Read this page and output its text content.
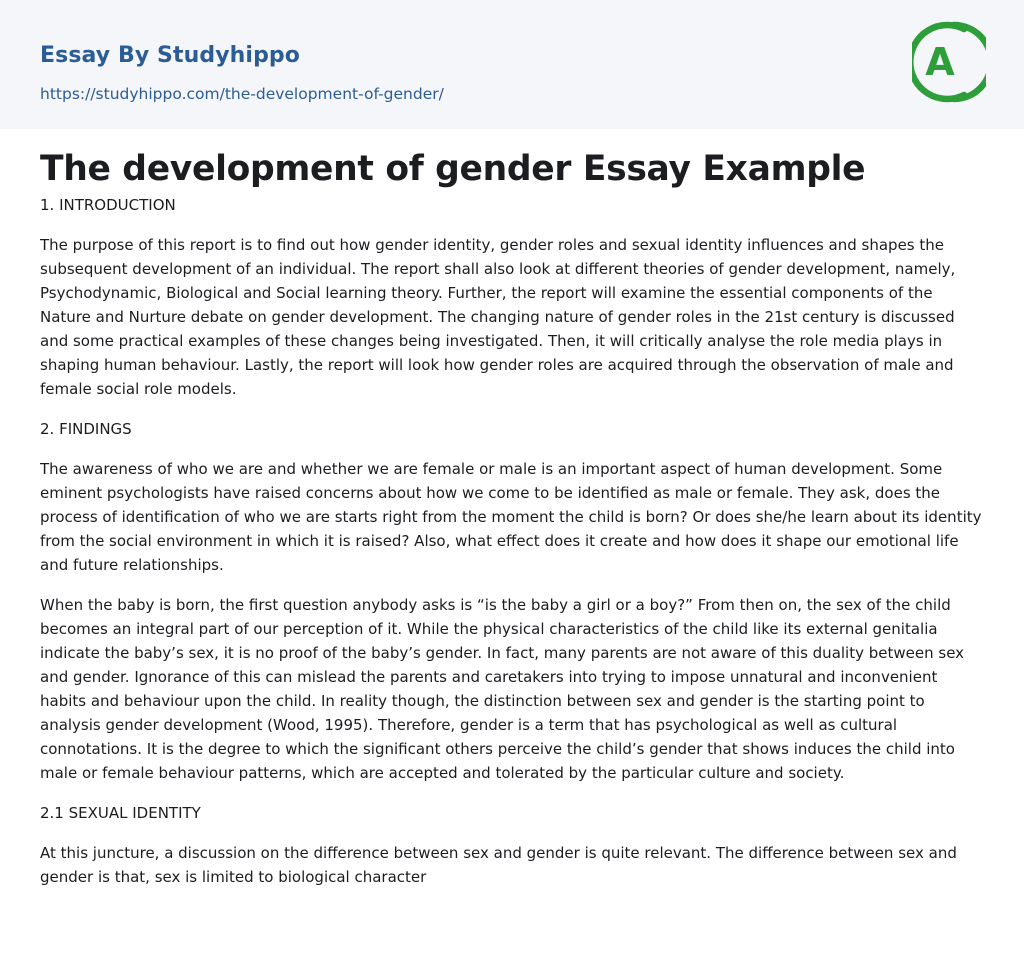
Essay By Studyhippo
https://studyhippo.com/the-development-of-gender/
A
The development of gender Essay Example

1. INTRODUCTION

The purpose of this report is to find out how gender identity, gender roles and sexual identity influences and shapes the subsequent development of an individual. The report shall also look at different theories of gender development, namely, Psychodynamic, Biological and Social learning theory. Further, the report will examine the essential components of the Nature and Nurture debate on gender development. The changing nature of gender roles in the 21st century is discussed and some practical examples of these changes being investigated. Then, it will critically analyse the role media plays in shaping human behaviour. Lastly, the report will look how gender roles are acquired through the observation of male and female social role models.

2. FINDINGS

The awareness of who we are and whether we are female or male is an important aspect of human development. Some eminent psychologists have raised concerns about how we come to be identified as male or female. They ask, does the process of identification of who we are starts right from the moment the child is born? Or does she/he learn about its identity from the social environment in which it is raised? Also, what effect does it create and how does it shape our emotional life and future relationships.

When the baby is born, the first question anybody asks is “is the baby a girl or a boy?” From then on, the sex of the child becomes an integral part of our perception of it. While the physical characteristics of the child like its external genitalia indicate the baby’s sex, it is no proof of the baby’s gender. In fact, many parents are not aware of this duality between sex and gender. Ignorance of this can mislead the parents and caretakers into trying to impose unnatural and inconvenient habits and behaviour upon the child. In reality though, the distinction between sex and gender is the starting point to analysis gender development (Wood, 1995). Therefore, gender is a term that has psychological as well as cultural connotations. It is the degree to which the significant others perceive the child’s gender that shows induces the child into male or female behaviour patterns, which are accepted and tolerated by the particular culture and society.

2.1 SEXUAL IDENTITY

At this juncture, a discussion on the difference between sex and gender is quite relevant. The difference between sex and gender is that, sex is limited to biological character
